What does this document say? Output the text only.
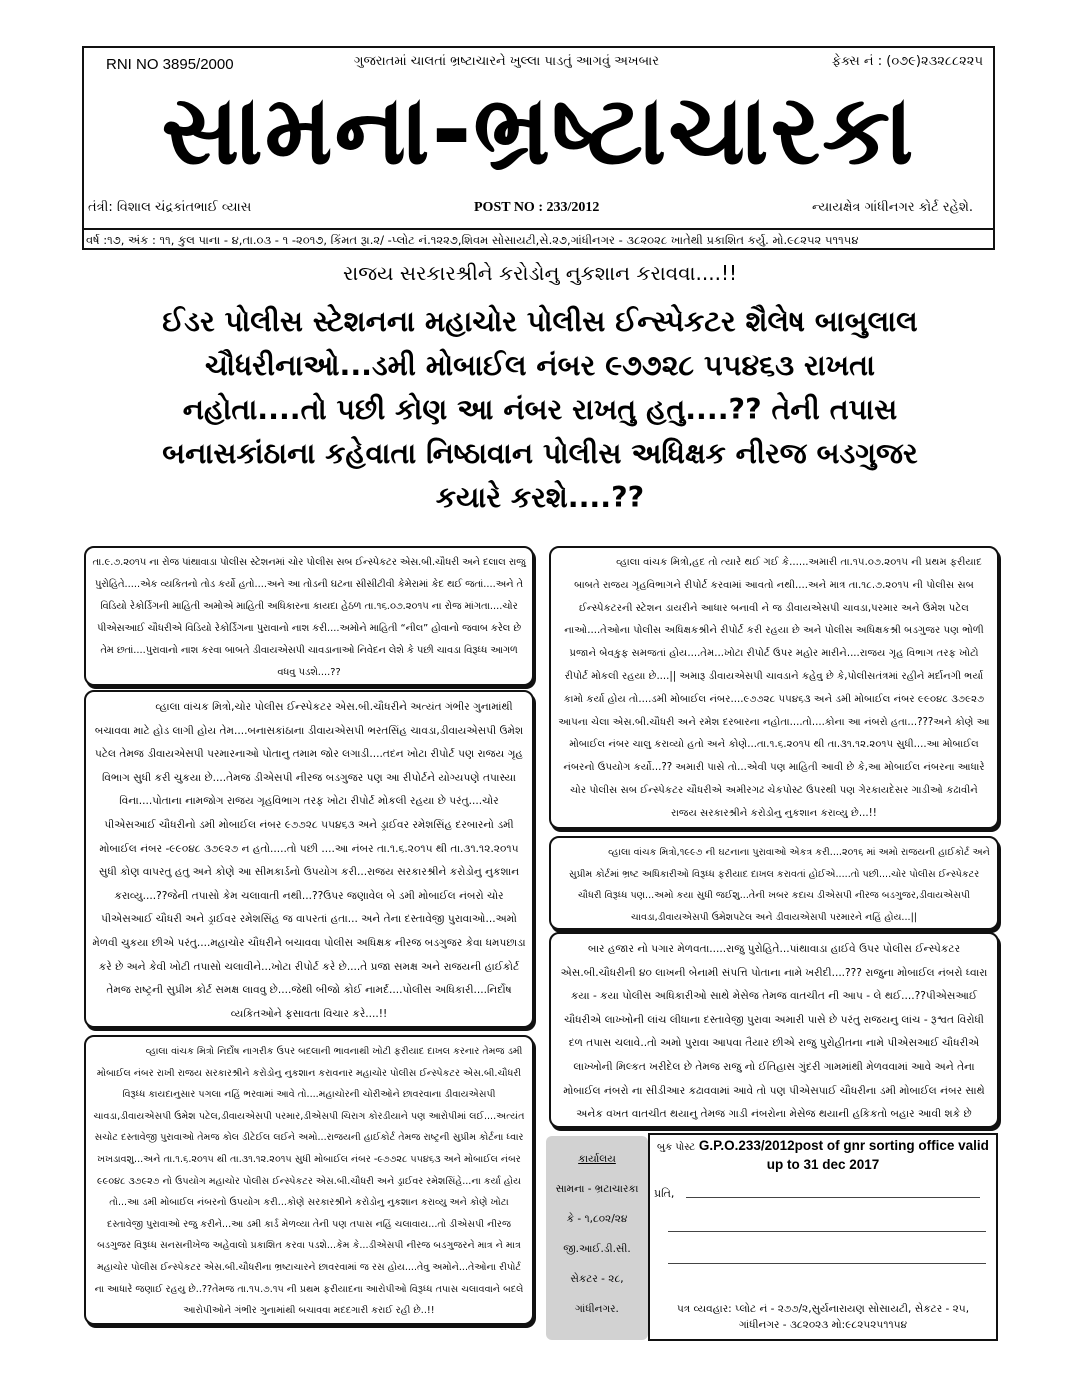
RNI NO 3895/2000	ગુજરાતમાં ચાલતાં ભ્રષ્ટાચારને ખુલ્લા પાડતું આગવું અખબાર	ફેક્સ નં : (૦૭૯)૨૩૨૮૮૨૨૫
સામના-ભ્રષ્ટાચારકા
તંત્રી: વિશાલ ચંદ્રકાંતભાઈ વ્યાસ	POST NO : 233/2012	ન્યાયક્ષેત્ર ગાંધીનગર કોર્ટ રહેશે.
વર્ષ :૧૭, અંક : ૧૧, કુલ પાના - ૪,તા.૦૩ - ૧ -૨૦૧૭, કિંમત રૂા.૨/ -પ્લોટ નં.૧૨૨૭,શિવમ સોસાયટી,સે.૨૭,ગાંધીનગર - ૩૮૨૦૨૮ ખાતેથી પ્રકાશિત કર્યુ. મો.૯૮૨૫૨ ૫૧૧૫૪
રાજય સરકારશ્રીને કરોડોનુ નુકશાન કરાવવા....!!
ઈડર પોલીસ સ્ટેશનના મહાચોર પોલીસ ઈન્સ્પેકટર શૈલેષ બાબુલાલ
ચૌધરીનાઓ...ડમી મોબાઈલ નંબર ૯૭૭૨૮ ૫૫૪૬૩ રાખતા
નહોતા....તો પછી કોણ આ નંબર રાખતુ હતુ....?? તેની તપાસ
બનાસકાંઠાના કહેવાતા નિષ્ઠાવાન પોલીસ અધિક્ષક નીરજ બડગુજર
કયારે કરશે....??

તા.૯.૭.૨૦૧૫ ના રોજ પાંથાવાડા પોલીસ સ્ટેશનમાં ચોર પોલીસ સબ ઈન્સ્પેકટર એસ.બી.ચૌધરી અને દલાલ રાજુ પુરોહિતે.....એક વ્યકિતનો તોડ કર્યો હતો....અને આ તોડની ઘટના સીસીટીવી કેમેરામાં કેદ થઈ જતાં....અને તે વિડિયો રેકોર્ડિંગની માહિતી અમોએ માહિતી અધિકારના કાયદા હેઠળ તા.૧૬.૦૭.૨૦૧૫ ના રોજ માંગતા....ચોર પીએસઆઈ ચૌધરીએ વિડિયો રેકોર્ડિંગના પુરાવાનો નાશ કરી....અમોને માહિતી “નીલ” હોવાનો જવાબ કરેલ છે તેમ છતાં....પુરાવાનો નાશ કરવા બાબતે ડીવાયએસપી ચાવડાનાઓ નિવેદન લેશે કે પછી ચાવડા વિરૂધ્ધ આગળ વધવુ પડશે....??

વ્હાલા વાંચક મિત્રો,ચોર પોલીસ ઈન્સ્પેકટર એસ.બી.ચૌધરીને અત્યંત ગંભીર ગુનામાંથી બચાવવા માટે હોડ લાગી હોય તેમ....બનાસકાંઠાના ડીવાયએસપી ભરતસિંહ ચાવડા,ડીવાયએસપી ઉમેશ પટેલ તેમજ ડીવાયએસપી પરમારનાઓ પોતાનુ તમામ જોર લગાડી....તદન ખોટા રીપોર્ટ પણ રાજય ગૃહ વિભાગ સુધી કરી ચુકયા છે....તેમજ ડીએસપી નીરજ બડગુજર પણ આ રીપોર્ટને યોગ્યપણે તપાસ્યા વિના....પોતાના નામજોગ રાજય ગૃહવિભાગ તરફ ખોટા રીપોર્ટ મોકલી રહયા છે પરંતુ....ચોર પીએસઆઈ ચૌધરીનો ડમી મોબાઈલ નંબર ૯૭૭૨૮ ૫૫૪૬૩ અને ડ્રાઈવર રમેશસિંહ દરબારનો ડમી મોબાઈલ નંબર -૯૯૦૪૮ ૩૭૯૨૭ ન હતો.....તો પછી ....આ નંબર તા.૧.૬.૨૦૧૫ થી તા.૩૧.૧૨.૨૦૧૫ સુધી કોણ વાપરતુ હતુ અને કોણે આ સીમકાર્ડનો ઉપયોગ કરી...રાજય સરકારશ્રીને કરોડોનુ નુકશાન કરાવ્યુ....??જેની તપાસો કેમ ચલાવાતી નથી...??ઉપર જણાવેલ બે ડમી મોબાઈલ નંબરો ચોર પીએસઆઈ ચૌધરી અને ડ્રાઈવર રમેશસિંહ જ વાપરતાં હતા... અને તેના દસ્તાવેજી પુરાવાઓ...અમો મેળવી ચુકયા છીએ પરંતુ....મહાચોર ચૌધરીને બચાવવા પોલીસ અધિક્ષક નીરજ બડગુજર કેવા ધમપછાડા કરે છે અને કેવી ખોટી તપાસો ચલાવીને...ખોટા રીપોર્ટ કરે છે....તે પ્રજા સમક્ષ અને રાજયની હાઈકોર્ટ તેમજ રાષ્ટ્રની સુપ્રીમ કોર્ટ સમક્ષ લાવવુ છે....જેથી બીજો કોઈ નામર્દ....પોલીસ અધિકારી....નિર્દોષ વ્યકિતઓને ફસાવતા વિચાર કરે....!!

વ્હાલા વાંચક મિત્રો નિર્દોષ નાગરીક ઉપર બદલાની ભાવનાથી ખોટી ફરીયાદ દાખલ કરનાર તેમજ ડમી મોબાઈલ નંબર રાખી રાજય સરકારશ્રીને કરોડોનુ નુકશાન કરાવનાર મહાચોર પોલીસ ઈન્સ્પેકટર એસ.બી.ચૌધરી વિરૂધ્ધ કાયદાનુસાર પગલા નહિં ભરવામાં આવે તો....મહાચોરની ચોરીઓને છાવરવાના ડીવાયએસપી ચાવડા,ડીવાયએસપી ઉમેશ પટેલ,ડીવાયએસપી પરમાર,ડીએસપી ચિરાગ કોરડીયાને પણ આરોપીમાં લઈ....અત્યંત સચોટ દસ્તાવેજી પુરાવાઓ તેમજ કોલ ડીટેઈલ લઈને અમો...રાજયની હાઈકોર્ટ તેમજ રાષ્ટ્રની સુપ્રીમ કોર્ટના ધ્વાર ખખડાવશુ...અને તા.૧.૬.૨૦૧૫ થી તા.૩૧.૧૨.૨૦૧૫ સુધી મોબાઈલ નંબર -૯૭૭૨૮ ૫૫૪૬૩ અને મોબાઈલ નંબર ૯૯૦૪૮ ૩૭૯૨૭ નો ઉપયોગ મહાચોર પોલીસ ઈન્સ્પેકટર એસ.બી.ચૌધરી અને ડ્રાઈવર રમેશસિંહે...ના કર્યા હોય તો...આ ડમી મોબાઈલ નંબરનો ઉપયોગ કરી...કોણે સરકારશ્રીને કરોડોનુ નુકશાન કરાવ્યુ અને કોણે ખોટા દસ્તાવેજી પુરાવાઓ રજુ કરીને...આ ડમી કાર્ડ મેળવ્યા તેની પણ તપાસ નહિં ચલાવાય...તો ડીએસપી નીરજ બડગુજર વિરૂધ્ધ સનસનીખેજ અહેવાલો પ્રકાશિત કરવા પડશે...કેમ કે...ડીએસપી નીરજ બડગુજરને માત્ર ને માત્ર મહાચોર પોલીસ ઈન્સ્પેકટર એસ.બી.ચૌધરીના ભ્રષ્ટાચારને છાવરવામાં જ રસ હોય....તેવુ અમોને...તેઓના રીપોર્ટ ના આધારે જણાઈ રહયુ છે..??તેમજ તા.૧૫.૭.૧૫ ની પ્રથમ ફરીયાદના આરોપીઓ વિરૂધ્ધ તપાસ ચલાવવાને બદલે આરોપીઓને ગંભીર ગુનામાંથી બચાવવા મદદગારી કરાઈ રહી છે..!!

વ્હાલા વાંચક મિત્રો,હદ તો ત્યારે થઈ ગઈ કે......અમારી તા.૧૫.૦૭.૨૦૧૫ ની પ્રથમ ફરીયાદ બાબતે રાજય ગૃહવિભાગને રીપોર્ટ કરવામાં આવતો નથી....અને માત્ર તા.૧૮.૭.૨૦૧૫ ની પોલીસ સબ ઈન્સ્પેકટરની સ્ટેશન ડાયરીને આધાર બનાવી ને જ ડીવાયએસપી ચાવડા,પરમાર અને ઉમેશ પટેલ નાઓ....તેઓના પોલીસ અધિક્ષકશ્રીને રીપોર્ટ કરી રહયા છે અને પોલીસ અધિક્ષકશ્રી બડગુજર પણ ભોળી પ્રજાને બેવકુફ સમજતાં હોય....તેમ...ખોટા રીપોર્ટ ઉપર મહોર મારીને....રાજય ગૃહ વિભાગ તરફ ખોટો રીપોર્ટ મોકલી રહયા છે....|| અમારૂ ડીવાયએસપી ચાવડાને કહેવુ છે કે,પોલીસતંત્રમાં રહીને મર્દાનગી ભર્યા કામો કર્યા હોય તો....ડમી મોબાઈલ નંબર....૯૭૭૨૮ ૫૫૪૬૩ અને ડમી મોબાઈલ નંબર ૯૯૦૪૮ ૩૭૯૨૭ આપના ચેલા એસ.બી.ચૌધરી અને રમેશ દરબારના નહોતા....તો....કોના આ નંબરો હતા...???અને કોણે આ મોબાઈલ નંબર ચાલુ કરાવ્યો હતો અને કોણે...તા.૧.૬.૨૦૧૫ થી તા.૩૧.૧૨.૨૦૧૫ સુધી....આ મોબાઈલ નંબરનો ઉપયોગ કર્યો...?? અમારી પાસે તો...એવી પણ માહિતી આવી છે કે,આ મોબાઈલ નંબરના આધારે ચોર પોલીસ સબ ઈન્સ્પેકટર ચૌધરીએ અમીરગઢ ચેકપોસ્ટ ઉપરથી પણ ગેરકાયદેસર ગાડીઓ કઢાવીને રાજય સરકારશ્રીને કરોડોનુ નુકશાન કરાવ્યુ છે...!!

વ્હાલા વાંચક મિત્રો,૧૯૯૭ ની ઘટનાના પુરાવાઓ એકત્ર કરી....૨૦૧૬ માં અમો રાજયની હાઈકોર્ટ અને સુપ્રીમ કોર્ટમાં ભ્રષ્ટ અધિકારીઓ વિરૂધ્ધ ફરીયાદ દાખલ કરાવતાં હોઈએ.....તો પછી....ચોર પોલીસ ઈન્સ્પેકટર ચૌધરી વિરૂધ્ધ પણ...અમો કયા સુધી જઈશુ...તેની ખબર કદાચ ડીએસપી નીરજ બડગુજર,ડીવાયએસપી ચાવડા,ડીવાયએસપી ઉમેશપટેલ અને ડીવાયએસપી પરમારને નહિં હોય...||

બાર હજાર નો પગાર મેળવતા.....રાજુ પુરોહિતે...પાંથાવાડા હાઈવે ઉપર પોલીસ ઈન્સ્પેકટર એસ.બી.ચૌધરીની ૪૦ લાખની બેનામી સંપત્તિ પોતાના નામે ખરીદી....??? રાજુના મોબાઈલ નંબરો ધ્વારા કયા - કયા પોલીસ અધિકારીઓ સાથે મેસેજ તેમજ વાતચીત ની આપ - લે થઈ....??પીએસઆઈ ચૌધરીએ લાખ્ખોની લાંચ લીધાના દસ્તાવેજી પુરાવા અમારી પાસે છે પરંતુ રાજયનુ લાંચ - રૂશ્વત વિરોધી દળ તપાસ ચલાવે..તો અમો પુરાવા આપવા તૈયાર છીએ રાજુ પુરોહીતના નામે પીએસઆઈ ચૌધરીએ લાખ્ખોની મિલ્કત ખરીદેલ છે તેમજ રાજુ નો ઈતિહાસ ગુંદરી ગામમાંથી મેળવવામાં આવે અને તેના મોબાઈલ નંબરો ના સીડીઆર કઢાવવામાં આવે તો પણ પીએસપાઈ ચૌધરીના ડમી મોબાઈલ નંબર સાથે અનેક વખત વાતચીત થયાનુ તેમજ ગાડી નંબરોના મેસેજ થયાની હકિકતો બહાર આવી શકે છે

કાર્યાલય
સામના - ભ્રટાચારકા
કે - ૧,૮૦૨/૨૪
જી.આઈ.ડી.સી.
સેકટર - ૨૮,
ગાંધીનગર.
બુક પોસ્ટ G.P.O.233/2012post of gnr sorting office valid up to 31 dec 2017
પ્રતિ,
પત્ર વ્યવહાર: પ્લોટ નં - ૨૭૭/૨,સુર્યનારાયણ સોસાયટી, સેકટર - ૨૫,
ગાંધીનગર - ૩૮૨૦૨૩ મો:૯૮૨૫૨૫૧૧૫૪
